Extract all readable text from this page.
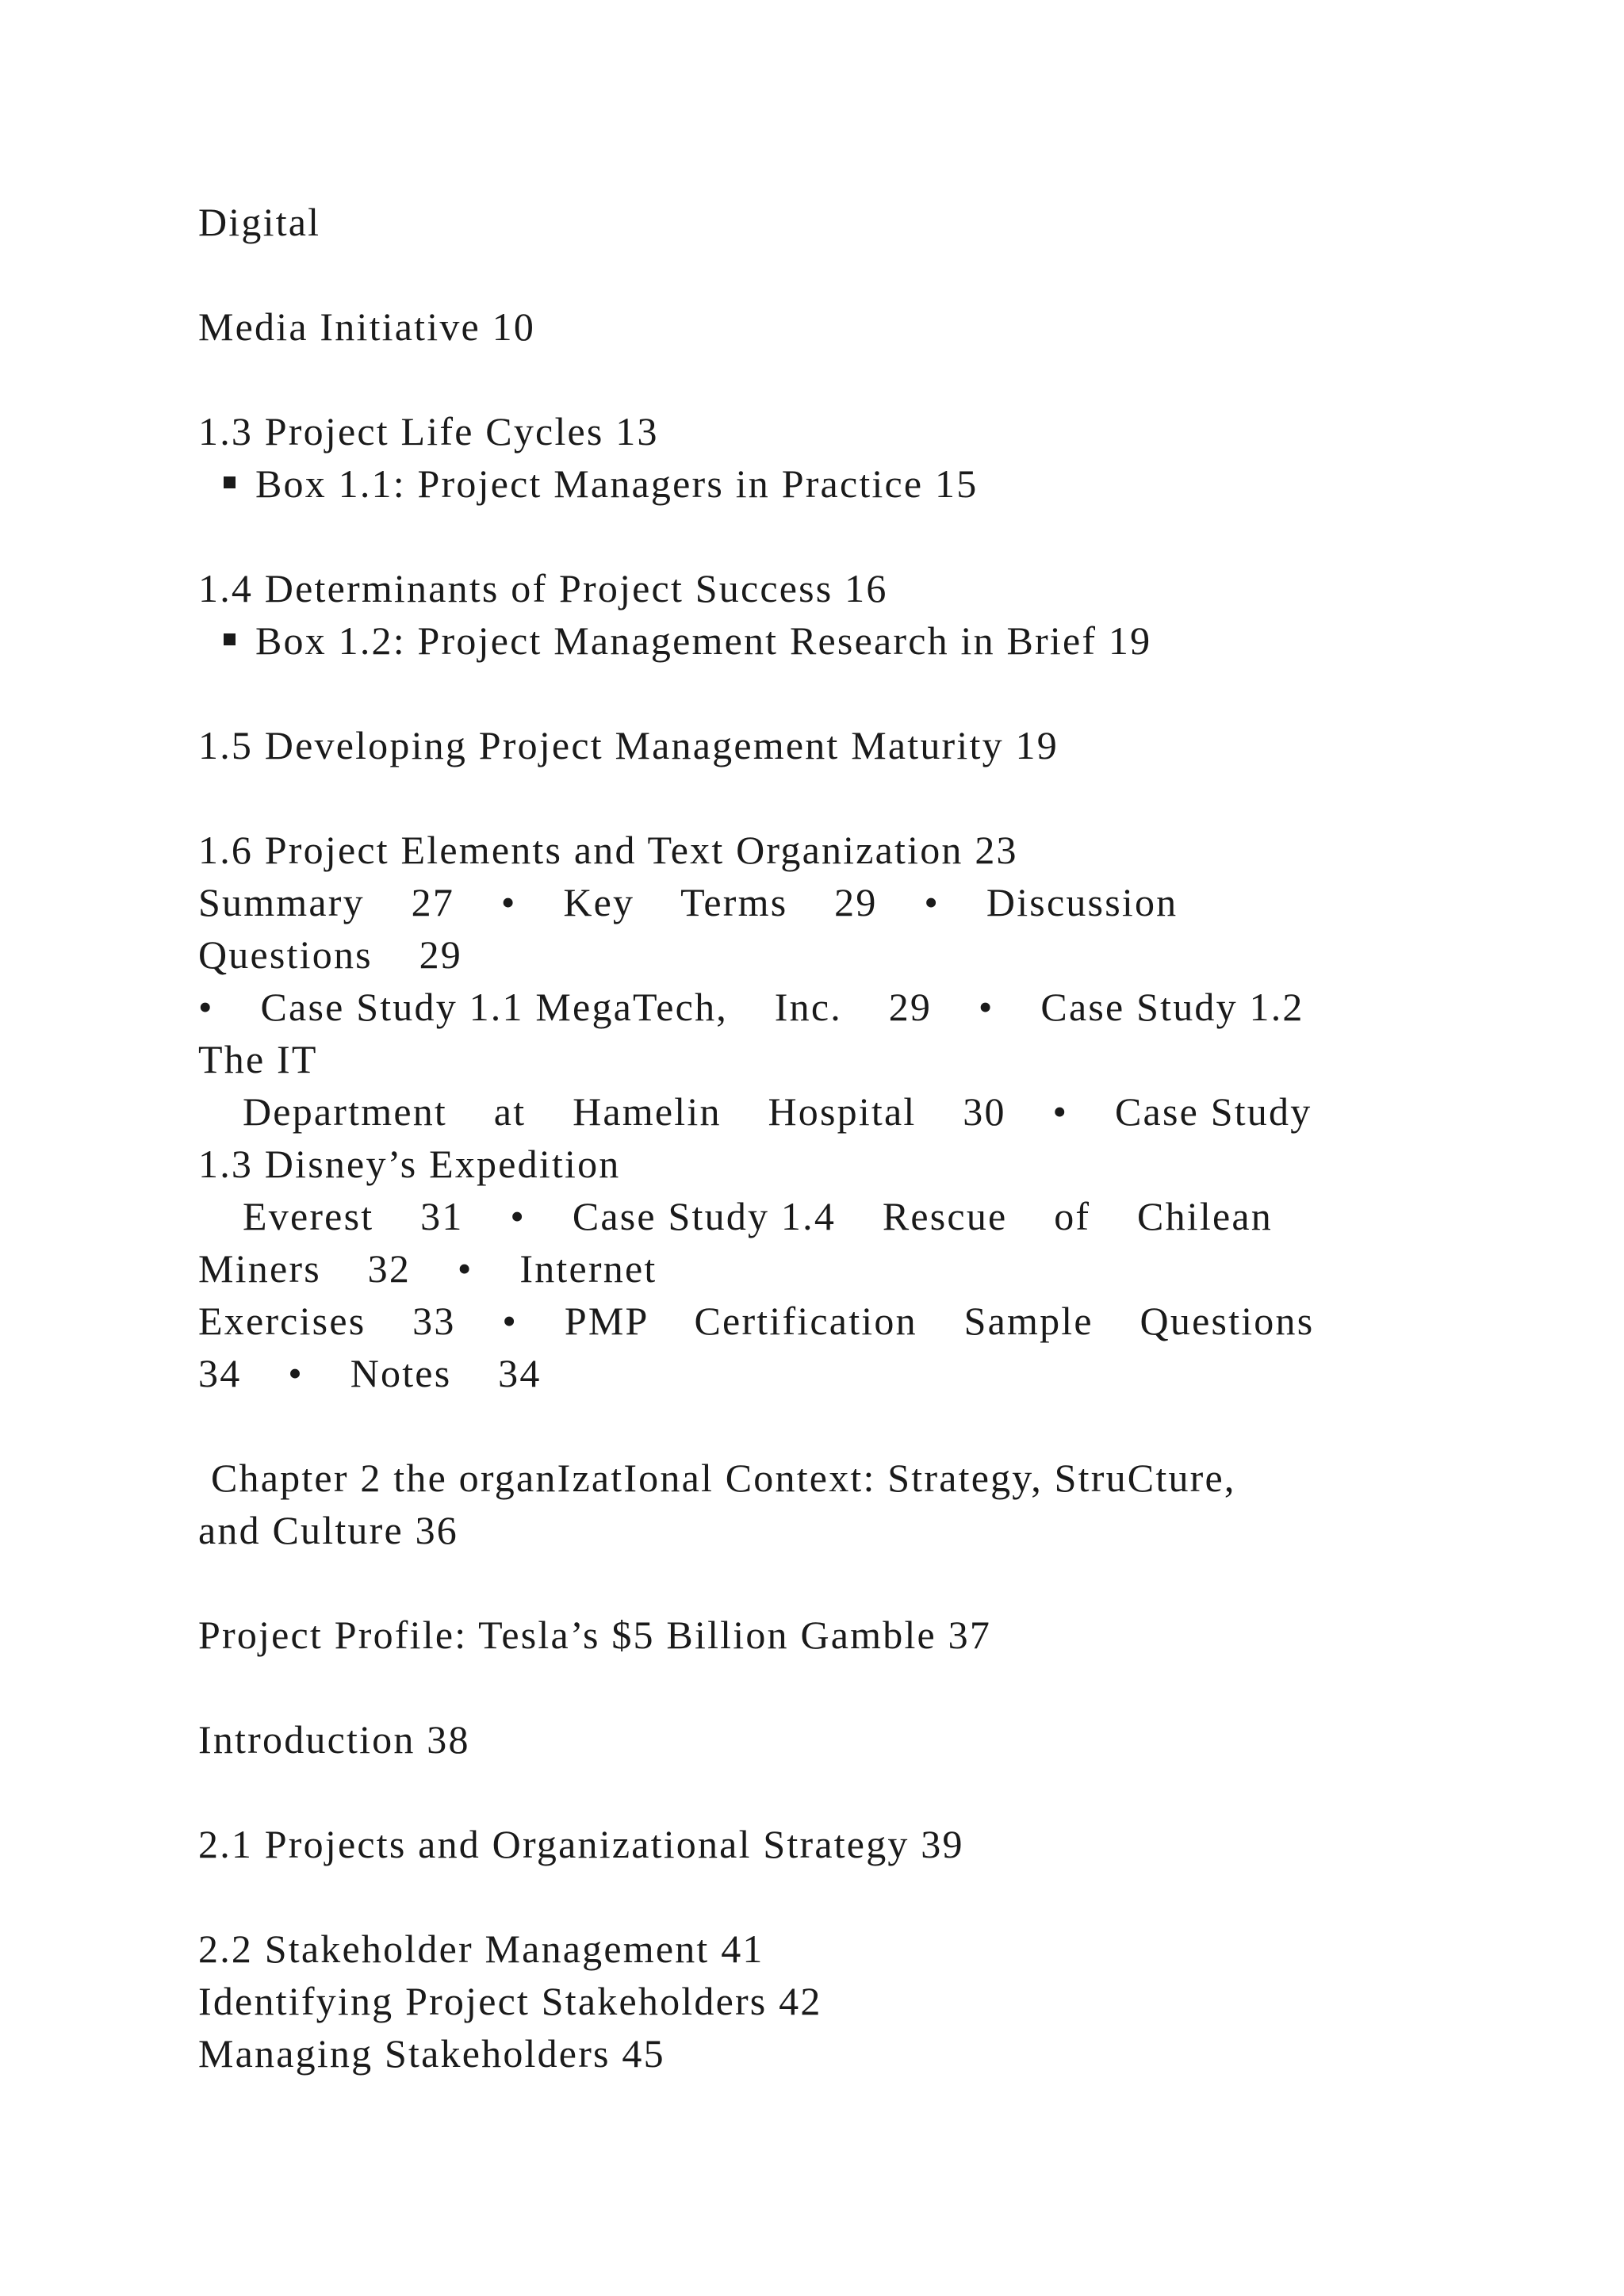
Digital

Media Initiative 10

1.3 Project Life Cycles 13

Box 1.1: Project Managers in Practice 15

1.4 Determinants of Project Success 16

Box 1.2: Project Management Research in Brief 19

1.5 Developing Project Management Maturity 19

1.6 Project Elements and Text Organization 23

Summary    27    •    Key    Terms    29    •    Discussion

Questions    29

•    Case Study 1.1 MegaTech,    Inc.    29    •    Case Study 1.2

The IT

Department    at    Hamelin    Hospital    30    •    Case Study

1.3 Disney’s Expedition

Everest    31    •    Case Study 1.4    Rescue    of    Chilean

Miners    32    •    Internet

Exercises    33    •    PMP    Certification    Sample    Questions

34    •    Notes    34

Chapter 2 the organIzatIonal Context: Strategy, StruCture,

and Culture 36

Project Profile: Tesla’s $5 Billion Gamble 37

Introduction 38

2.1 Projects and Organizational Strategy 39

2.2 Stakeholder Management 41

Identifying Project Stakeholders 42

Managing Stakeholders 45
